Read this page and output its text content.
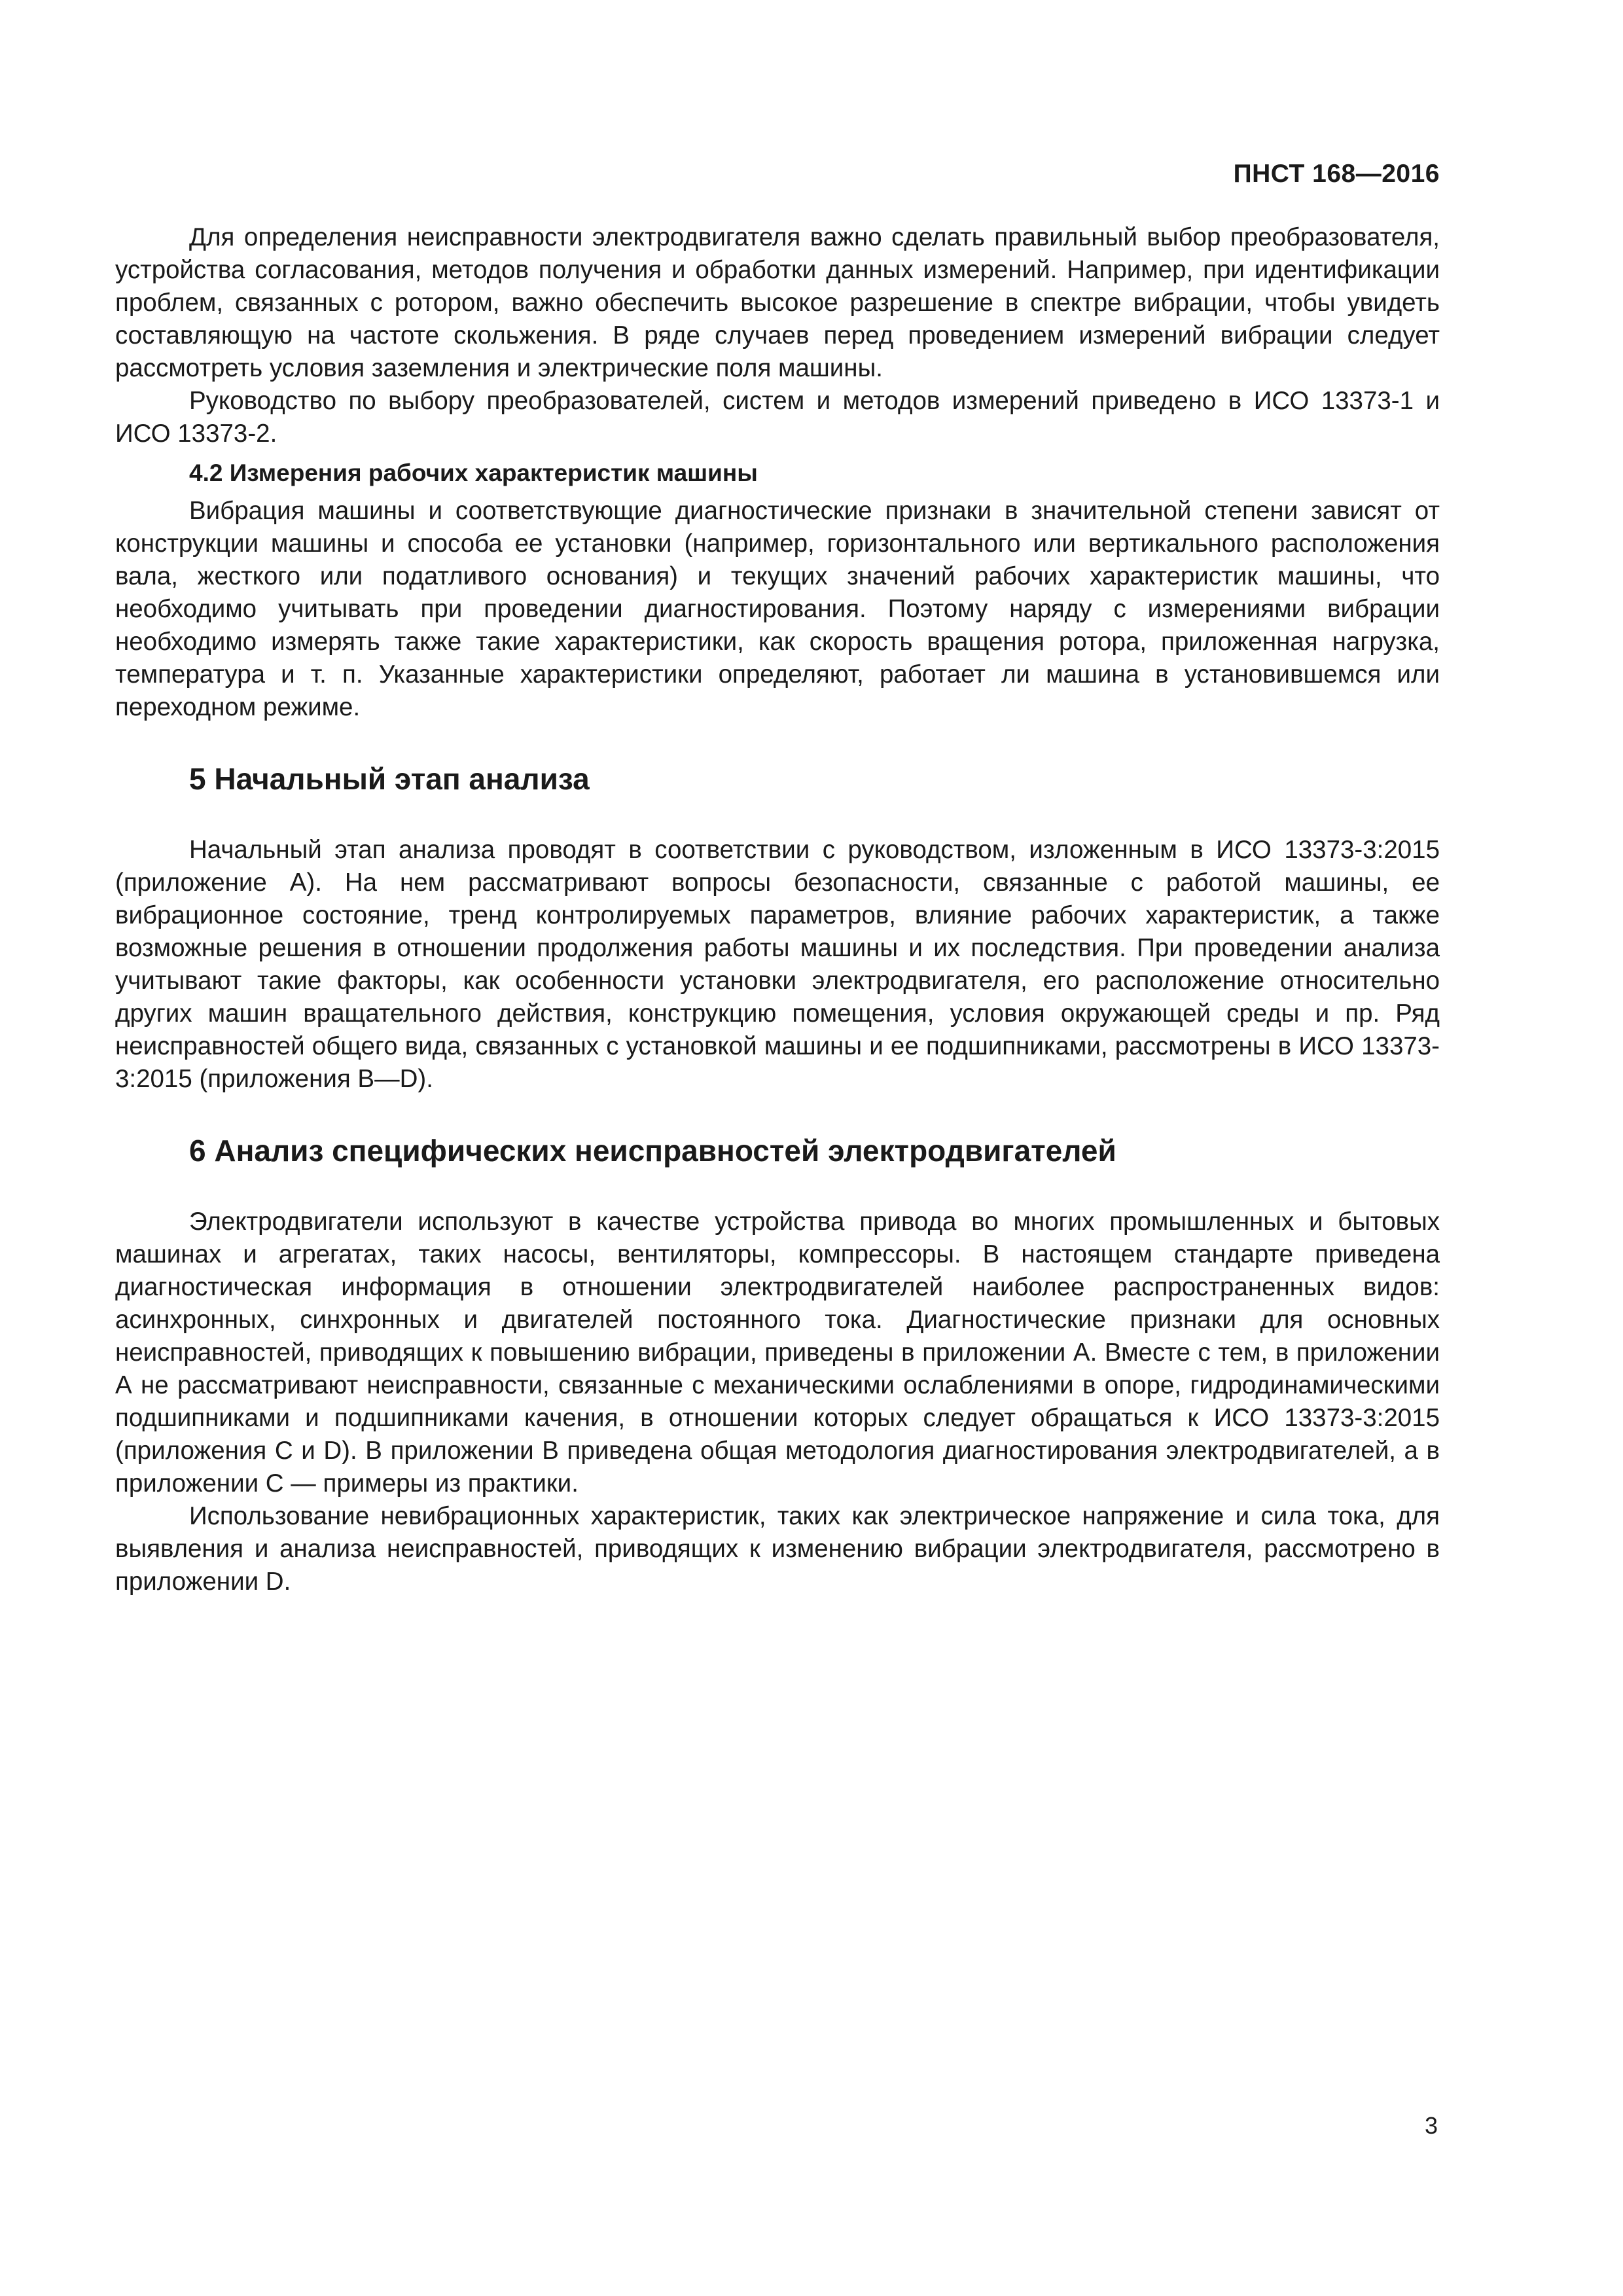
ПНСТ 168—2016

Для определения неисправности электродвигателя важно сделать правильный выбор преобразователя, устройства согласования, методов получения и обработки данных измерений. Например, при идентификации проблем, связанных с ротором, важно обеспечить высокое разрешение в спектре вибрации, чтобы увидеть составляющую на частоте скольжения. В ряде случаев перед проведением измерений вибрации следует рассмотреть условия заземления и электрические поля машины.

Руководство по выбору преобразователей, систем и методов измерений приведено в ИСО 13373-1 и ИСО 13373-2.

4.2 Измерения рабочих характеристик машины

Вибрация машины и соответствующие диагностические признаки в значительной степени зависят от конструкции машины и способа ее установки (например, горизонтального или вертикального расположения вала, жесткого или податливого основания) и текущих значений рабочих характеристик машины, что необходимо учитывать при проведении диагностирования. Поэтому наряду с измерениями вибрации необходимо измерять также такие характеристики, как скорость вращения ротора, приложенная нагрузка, температура и т. п. Указанные характеристики определяют, работает ли машина в установившемся или переходном режиме.

5 Начальный этап анализа

Начальный этап анализа проводят в соответствии с руководством, изложенным в ИСО 13373-3:2015 (приложение А). На нем рассматривают вопросы безопасности, связанные с работой машины, ее вибрационное состояние, тренд контролируемых параметров, влияние рабочих характеристик, а также возможные решения в отношении продолжения работы машины и их последствия. При проведении анализа учитывают такие факторы, как особенности установки электродвигателя, его расположение относительно других машин вращательного действия, конструкцию помещения, условия окружающей среды и пр. Ряд неисправностей общего вида, связанных с установкой машины и ее подшипниками, рассмотрены в ИСО 13373-3:2015 (приложения В—D).

6 Анализ специфических неисправностей электродвигателей

Электродвигатели используют в качестве устройства привода во многих промышленных и бытовых машинах и агрегатах, таких насосы, вентиляторы, компрессоры. В настоящем стандарте приведена диагностическая информация в отношении электродвигателей наиболее распространенных видов: асинхронных, синхронных и двигателей постоянного тока. Диагностические признаки для основных неисправностей, приводящих к повышению вибрации, приведены в приложении А. Вместе с тем, в приложении А не рассматривают неисправности, связанные с механическими ослаблениями в опоре, гидродинамическими подшипниками и подшипниками качения, в отношении которых следует обращаться к ИСО 13373-3:2015 (приложения С и D). В приложении В приведена общая методология диагностирования электродвигателей, а в приложении С — примеры из практики.

Использование невибрационных характеристик, таких как электрическое напряжение и сила тока, для выявления и анализа неисправностей, приводящих к изменению вибрации электродвигателя, рассмотрено в приложении D.

3
